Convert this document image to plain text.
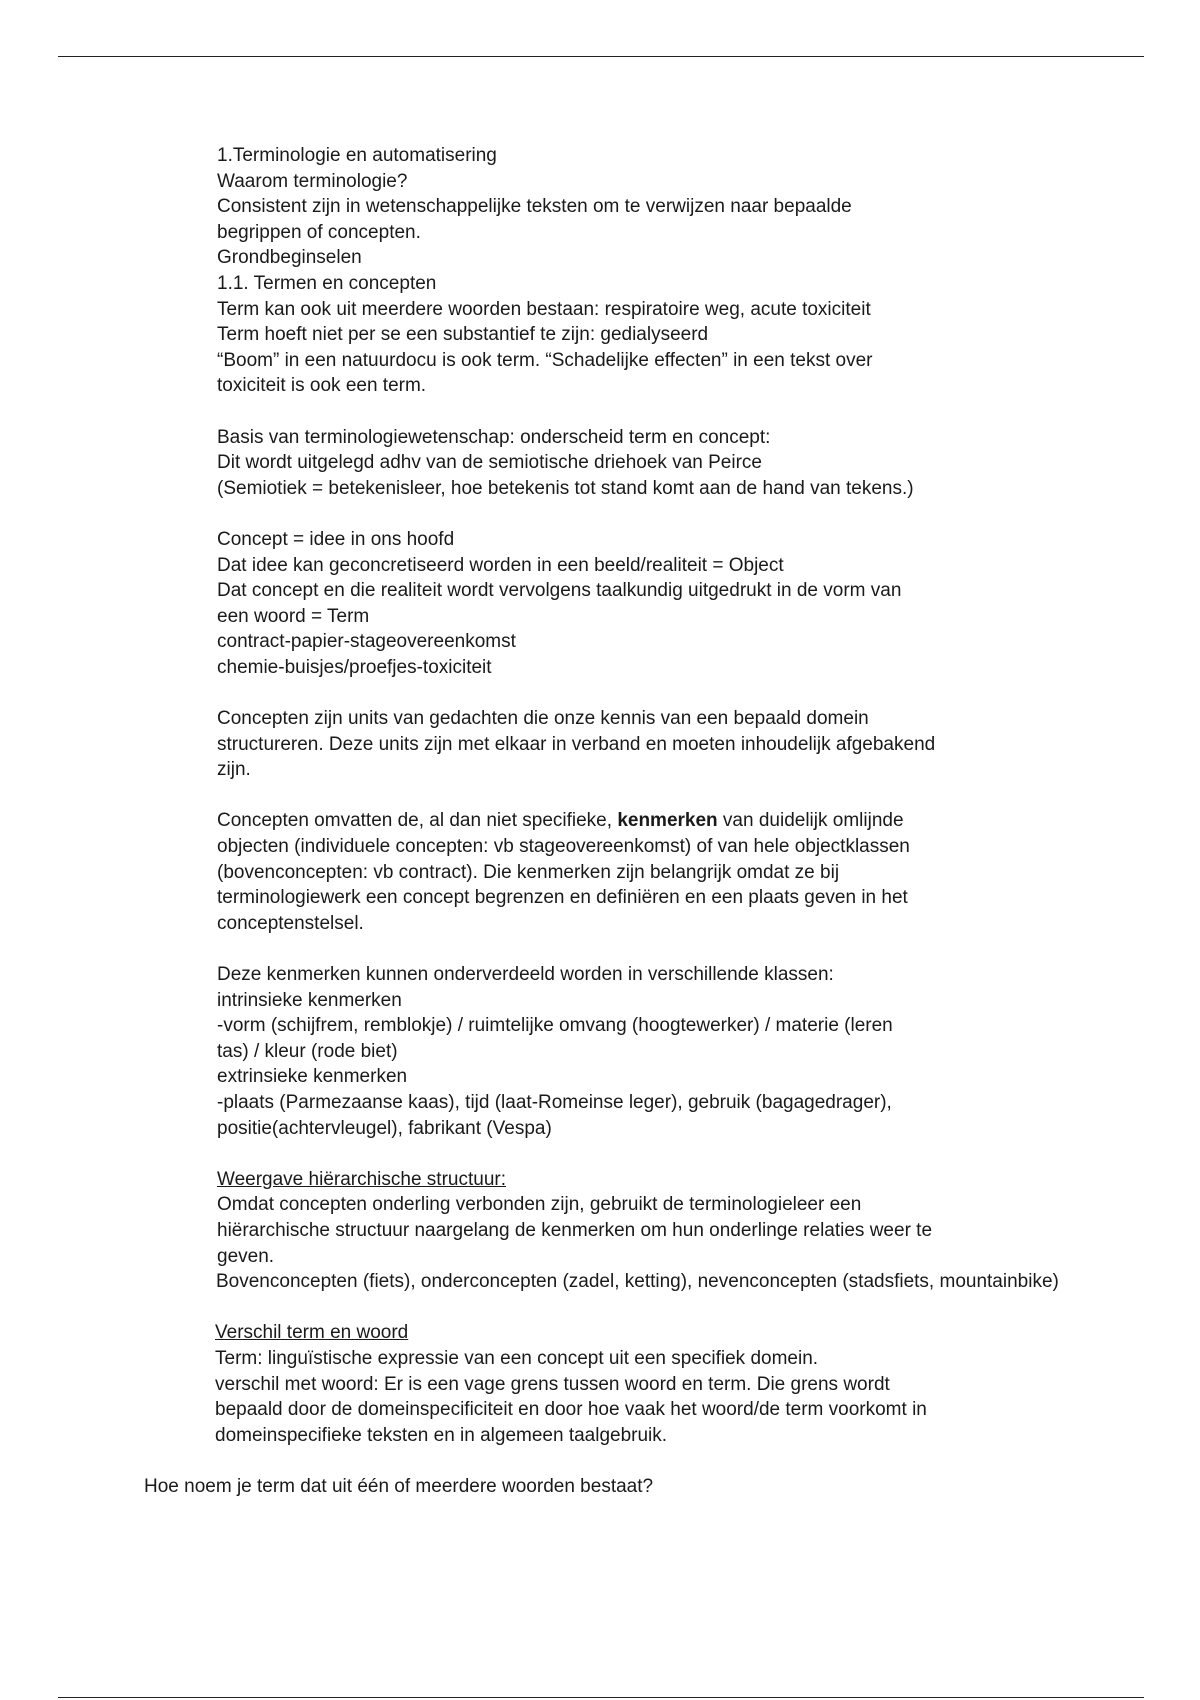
1.Terminologie en automatisering
Waarom terminologie?
Consistent zijn in wetenschappelijke teksten om te verwijzen naar bepaalde
begrippen of concepten.
Grondbeginselen
1.1. Termen en concepten
Term kan ook uit meerdere woorden bestaan: respiratoire weg, acute toxiciteit
Term hoeft niet per se een substantief te zijn: gedialyseerd
“Boom” in een natuurdocu is ook term. “Schadelijke effecten” in een tekst over
toxiciteit is ook een term.
Basis van terminologiewetenschap: onderscheid term en concept:
Dit wordt uitgelegd adhv van de semiotische driehoek van Peirce
(Semiotiek = betekenisleer, hoe betekenis tot stand komt aan de hand van tekens.)
Concept = idee in ons hoofd
Dat idee kan geconcretiseerd worden in een beeld/realiteit = Object
Dat concept en die realiteit wordt vervolgens taalkundig uitgedrukt in de vorm van
een woord = Term
contract-papier-stageovereenkomst
chemie-buisjes/proefjes-toxiciteit
Concepten zijn units van gedachten die onze kennis van een bepaald domein
structureren. Deze units zijn met elkaar in verband en moeten inhoudelijk afgebakend
zijn.
Concepten omvatten de, al dan niet specifieke, kenmerken van duidelijk omlijnde
objecten (individuele concepten: vb stageovereenkomst) of van hele objectklassen
(bovenconcepten: vb contract). Die kenmerken zijn belangrijk omdat ze bij
terminologiewerk een concept begrenzen en definiëren en een plaats geven in het
conceptenstelsel.
Deze kenmerken kunnen onderverdeeld worden in verschillende klassen:
intrinsieke kenmerken
-vorm (schijfrem, remblokje) / ruimtelijke omvang (hoogtewerker) / materie (leren
tas) / kleur (rode biet)
extrinsieke kenmerken
-plaats (Parmezaanse kaas), tijd (laat-Romeinse leger), gebruik (bagagedrager),
positie(achtervleugel), fabrikant (Vespa)
Weergave hiërarchische structuur:
Omdat concepten onderling verbonden zijn, gebruikt de terminologieleer een
hiërarchische structuur naargelang de kenmerken om hun onderlinge relaties weer te
geven.
Bovenconcepten (fiets), onderconcepten (zadel, ketting), nevenconcepten (stadsfiets, mountainbike)
Verschil term en woord
Term: linguïstische expressie van een concept uit een specifiek domein.
verschil met woord: Er is een vage grens tussen woord en term. Die grens wordt
bepaald door de domeinspecificiteit en door hoe vaak het woord/de term voorkomt in
domeinspecifieke teksten en in algemeen taalgebruik.
Hoe noem je term dat uit één of meerdere woorden bestaat?
